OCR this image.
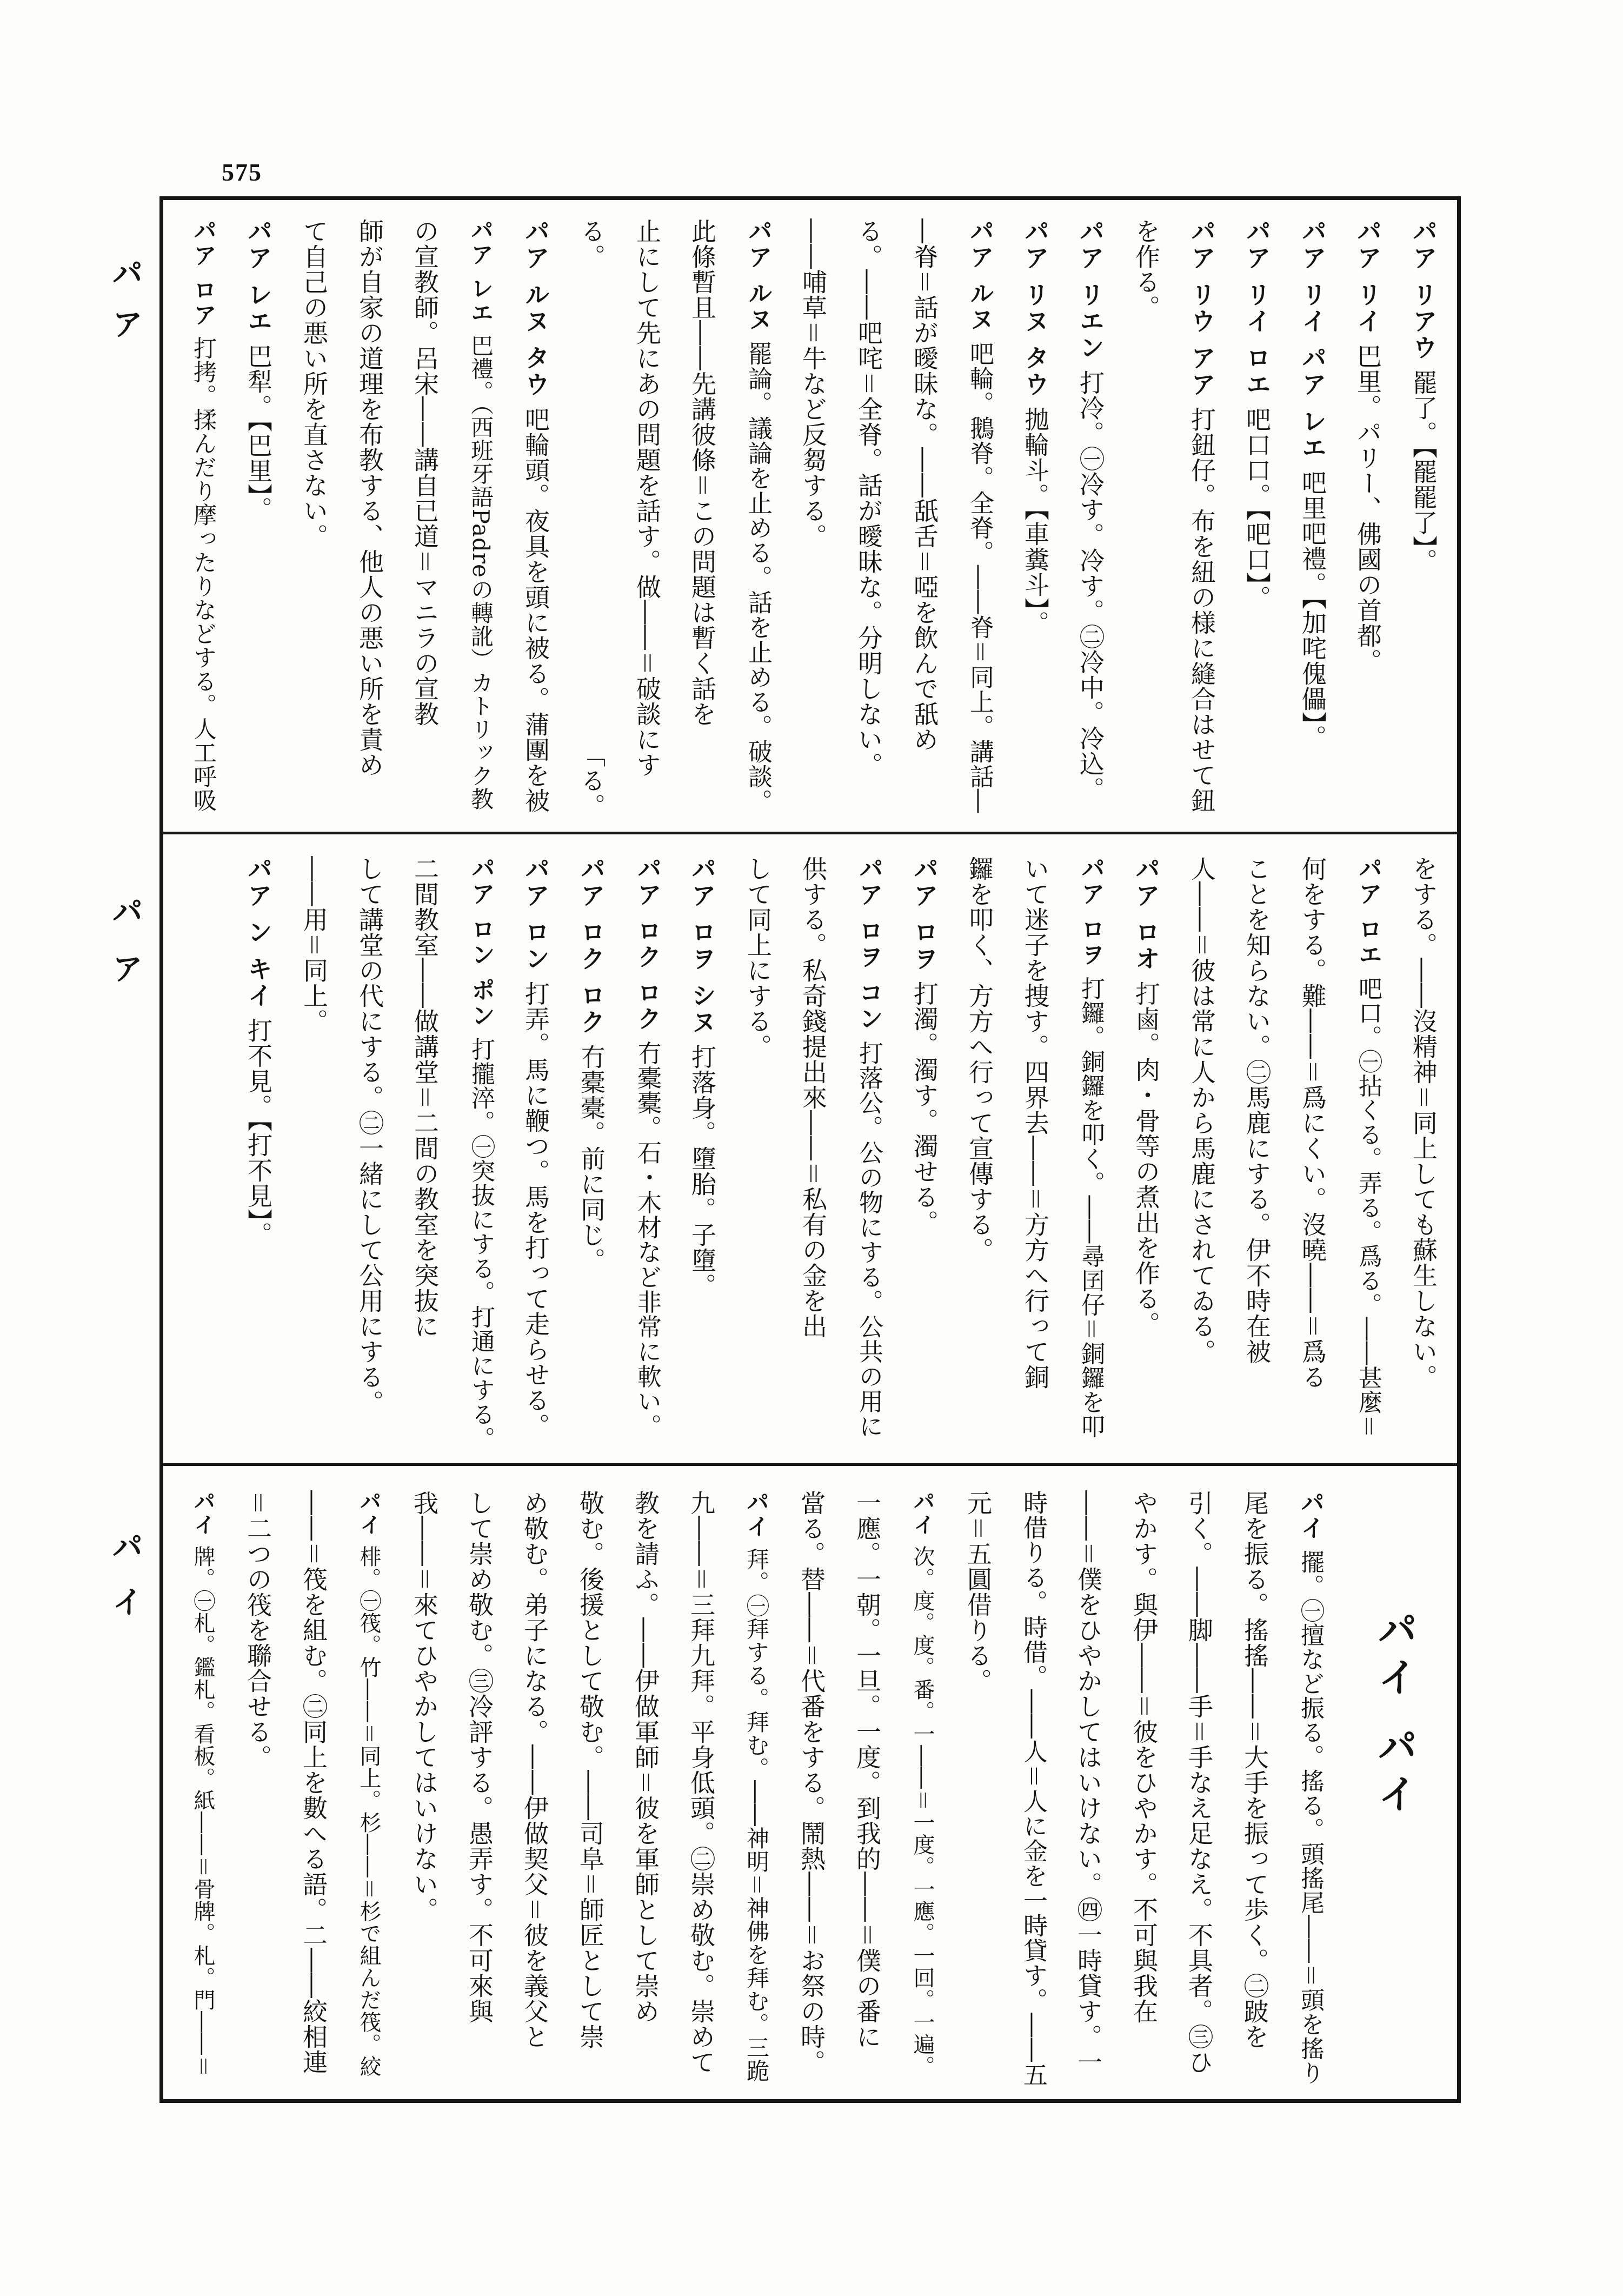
575
パア
パア
パイ
パイ パイ
パア リアウ罷了。【罷罷了】。
パア リイ巴里。パリー、佛國の首都。
パア リイ パア レエ吧里吧禮。【加咤傀儡】。
パア リイ ロエ吧口口。【吧口】。
パア リウ アア打鈕仔。布を紐の様に縫合はせて鈕
を作る。
パア リエン打冷。㊀冷す。冷す。㊁冷中。冷込。
パア リヌ タウ拋輪斗。【車糞斗】。
パア ルヌ吧輪。鵝脊。全脊。――脊＝同上。講話―
―脊＝話が曖昧な。――舐舌＝啞を飲んで舐め
る。――吧咤＝全脊。話が曖昧な。分明しない。
――哺草＝牛など反芻する。
パア ルヌ罷論。議論を止める。話を止める。破談。
此條暫且――先講彼條＝この問題は暫く話を
止にして先にあの問題を話す。做――＝破談にす
る。
「る。
パア ルヌ タウ吧輪頭。夜具を頭に被る。蒲團を被
パア レエ巴禮。（西班牙語Padreの轉訛）カトリック教
の宣教師。呂宋――講自已道＝マニラの宣教
師が自家の道理を布教する、他人の悪い所を責め
て自己の悪い所を直さない。
パア レエ巴犁。【巴里】。
パア ロア打拷。揉んだり摩ったりなどする。人工呼吸
をする。――沒精神＝同上しても蘇生しない。
パア ロエ吧口。㊀拈くる。弄る。爲る。――甚麼＝
何をする。難――＝爲にくい。沒曉――＝爲る
ことを知らない。㊁馬鹿にする。伊不時在被
人――＝彼は常に人から馬鹿にされてゐる。
パア ロオ打鹵。肉・骨等の煮出を作る。
パア ロヲ打鑼。銅鑼を叩く。――尋囝仔＝銅鑼を叩
いて迷子を捜す。四界去――＝方方へ行って銅
鑼を叩く、方方へ行って宣傳する。
パア ロヲ打濁。濁す。濁せる。
パア ロヲ コン打落公。公の物にする。公共の用に
供する。私奇錢提出來――＝私有の金を出
して同上にする。
パア ロヲ シヌ打落身。墮胎。子墮。
パア ロク ロク冇橐橐。石・木材など非常に軟い。
パア ロク ロク冇橐橐。前に同じ。
パア ロン打弄。馬に鞭つ。馬を打って走らせる。
パア ロン ポン打攏淬。㊀突抜にする。打通にする。
二間教室――做講堂＝二間の教室を突抜に
して講堂の代にする。㊁一緒にして公用にする。
――用＝同上。
パア ン キイ打不見。【打不見】。
パイ擺。㊀擅など振る。搖る。頭搖尾――＝頭を搖り
尾を振る。搖搖――＝大手を振って歩く。㊁跛を
引く。――脚――手＝手なえ足なえ。不具者。㊂ひ
やかす。與伊――＝彼をひやかす。不可與我在
――＝僕をひやかしてはいけない。㊃一時貸す。一
時借りる。時借。――人＝人に金を一時貸す。――五
元＝五圓借りる。
パイ次。度。度。番。一――＝一度。一應。一回。一遍。
一應。一朝。一旦。一度。到我的――＝僕の番に
當る。替――＝代番をする。鬧熱――＝お祭の時。
パイ拜。㊀拜する。拜む。――神明＝神佛を拜む。三跪
九――＝三拜九拜。平身低頭。㊁崇め敬む。崇めて
教を請ふ。――伊做軍師＝彼を軍師として崇め
敬む。後援として敬む。――司阜＝師匠として崇
め敬む。弟子になる。――伊做契父＝彼を義父と
して崇め敬む。㊂冷評する。愚弄す。不可來與
我――＝來てひやかしてはいけない。
パイ棑。㊀筏。竹――＝同上。杉――＝杉で組んだ筏。絞
――＝筏を組む。㊁同上を數へる語。二――絞相連
＝二つの筏を聯合せる。
パイ牌。㊀札。鑑札。看板。紙――＝骨牌。札。門――＝
